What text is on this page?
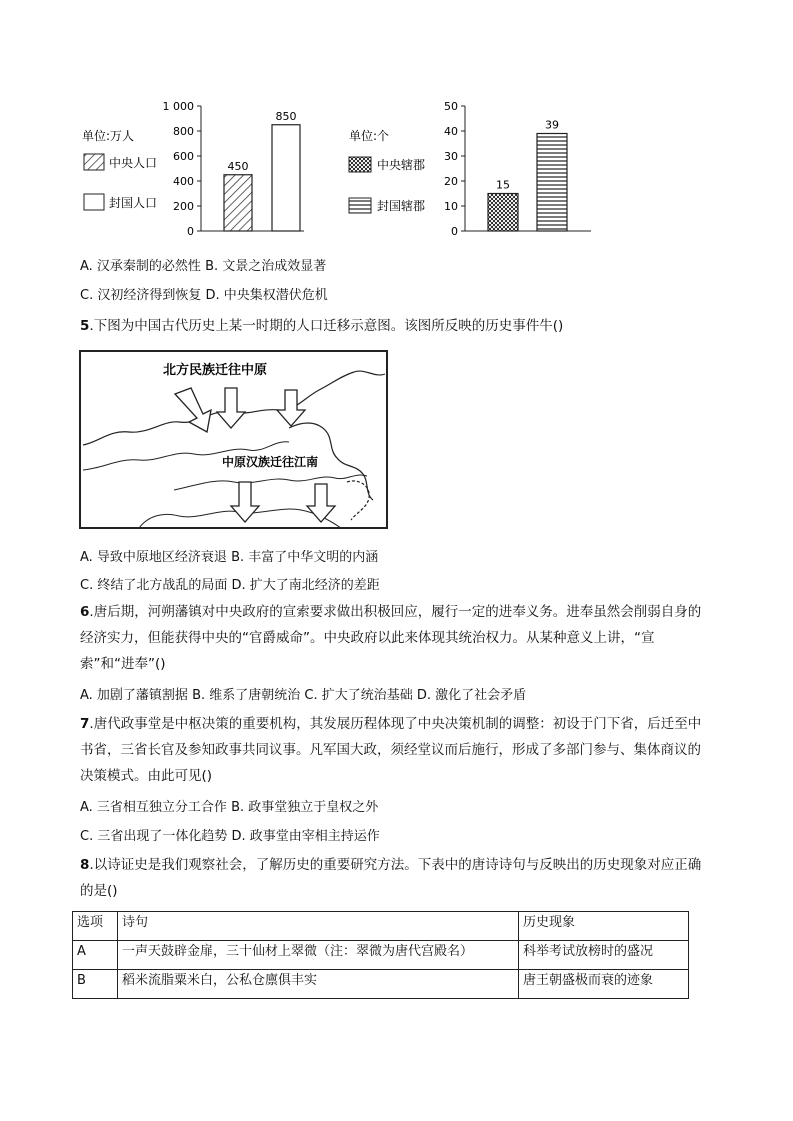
0
200
400
600
800
1 000
单位:万人
中央人口
封国人口
450
850
0
10
20
30
40
50
单位:个
中央辖郡
封国辖郡
15
39
A. 汉承秦制的必然性 B. 文景之治成效显著
C. 汉初经济得到恢复 D. 中央集权潜伏危机
5.下图为中国古代历史上某一时期的人口迁移示意图。该图所反映的历史事件牛()
北方民族迁往中原
中原汉族迁往江南
A. 导致中原地区经济衰退 B. 丰富了中华文明的内涵
C. 终结了北方战乱的局面 D. 扩大了南北经济的差距
6.唐后期，河朔藩镇对中央政府的宣索要求做出积极回应，履行一定的进奉义务。进奉虽然会削弱自身的经济实力，但能获得中央的“官爵威命”。中央政府以此来体现其统治权力。从某种意义上讲，“宣索”和“进奉”()
A. 加剧了藩镇割据 B. 维系了唐朝统治 C. 扩大了统治基础 D. 激化了社会矛盾
7.唐代政事堂是中枢决策的重要机构，其发展历程体现了中央决策机制的调整：初设于门下省，后迁至中书省，三省长官及参知政事共同议事。凡军国大政，须经堂议而后施行，形成了多部门参与、集体商议的决策模式。由此可见()
A. 三省相互独立分工合作 B. 政事堂独立于皇权之外
C. 三省出现了一体化趋势 D. 政事堂由宰相主持运作
8.以诗证史是我们观察社会，了解历史的重要研究方法。下表中的唐诗诗句与反映出的历史现象对应正确的是()
选项	诗句	历史现象
A	一声天鼓辟金扉，三十仙材上翠微（注：翠微为唐代宫殿名）	科举考试放榜时的盛况
B	稻米流脂粟米白，公私仓廪俱丰实	唐王朝盛极而衰的迹象
